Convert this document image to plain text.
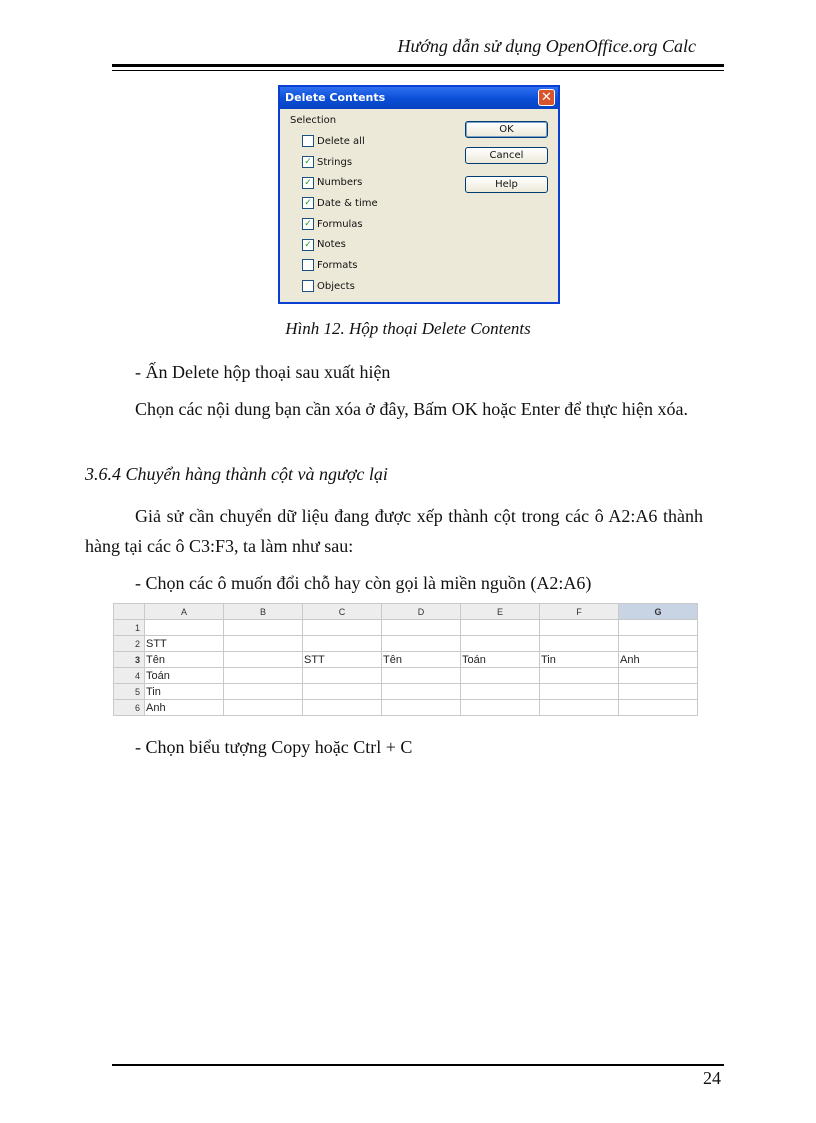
Hướng dẫn sử dụng OpenOffice.org Calc
Delete Contents	✕
Selection
Delete all
✓ Strings
✓ Numbers
✓ Date & time
✓ Formulas
✓ Notes
Formats
Objects
OK
Cancel
Help
Hình 12. Hộp thoại Delete Contents
- Ấn Delete hộp thoại sau xuất hiện
Chọn các nội dung bạn cần xóa ở đây, Bấm OK hoặc Enter để thực hiện xóa.
3.6.4 Chuyển hàng thành cột và ngược lại
Giả sử cần chuyển dữ liệu đang được xếp thành cột trong các ô A2:A6 thành hàng tại các ô C3:F3, ta làm như sau:
- Chọn các ô muốn đổi chỗ hay còn gọi là miền nguồn (A2:A6)
	A	B	C	D	E	F	G
1							
2	STT						
3	Tên		STT	Tên	Toán	Tin	Anh
4	Toán						
5	Tin						
6	Anh						
- Chọn biểu tượng Copy hoặc Ctrl + C
24
